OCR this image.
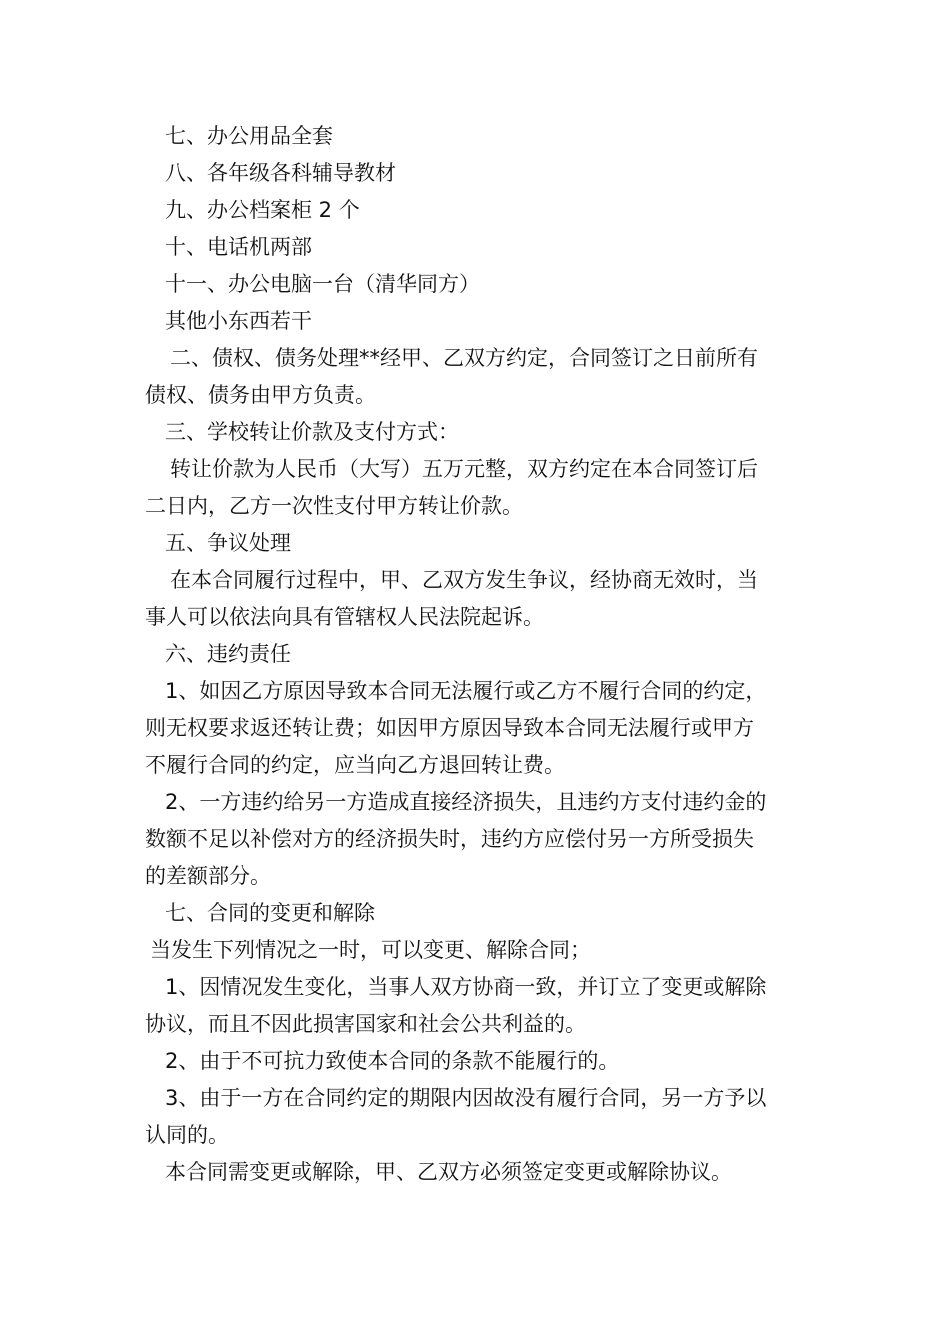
七、办公用品全套

八、各年级各科辅导教材

九、办公档案柜 2 个

十、电话机两部

十一、办公电脑一台（清华同方）

其他小东西若干

二、债权、债务处理**经甲、乙双方约定，合同签订之日前所有

债权、债务由甲方负责。

三、学校转让价款及支付方式：

转让价款为人民币（大写）五万元整，双方约定在本合同签订后

二日内，乙方一次性支付甲方转让价款。

五、争议处理

在本合同履行过程中，甲、乙双方发生争议，经协商无效时，当

事人可以依法向具有管辖权人民法院起诉。

六、违约责任

1、如因乙方原因导致本合同无法履行或乙方不履行合同的约定，

则无权要求返还转让费；如因甲方原因导致本合同无法履行或甲方

不履行合同的约定，应当向乙方退回转让费。

2、一方违约给另一方造成直接经济损失，且违约方支付违约金的

数额不足以补偿对方的经济损失时，违约方应偿付另一方所受损失

的差额部分。

七、合同的变更和解除

当发生下列情况之一时，可以变更、解除合同；

1、因情况发生变化，当事人双方协商一致，并订立了变更或解除

协议，而且不因此损害国家和社会公共利益的。

2、由于不可抗力致使本合同的条款不能履行的。

3、由于一方在合同约定的期限内因故没有履行合同，另一方予以

认同的。

本合同需变更或解除，甲、乙双方必须签定变更或解除协议。
